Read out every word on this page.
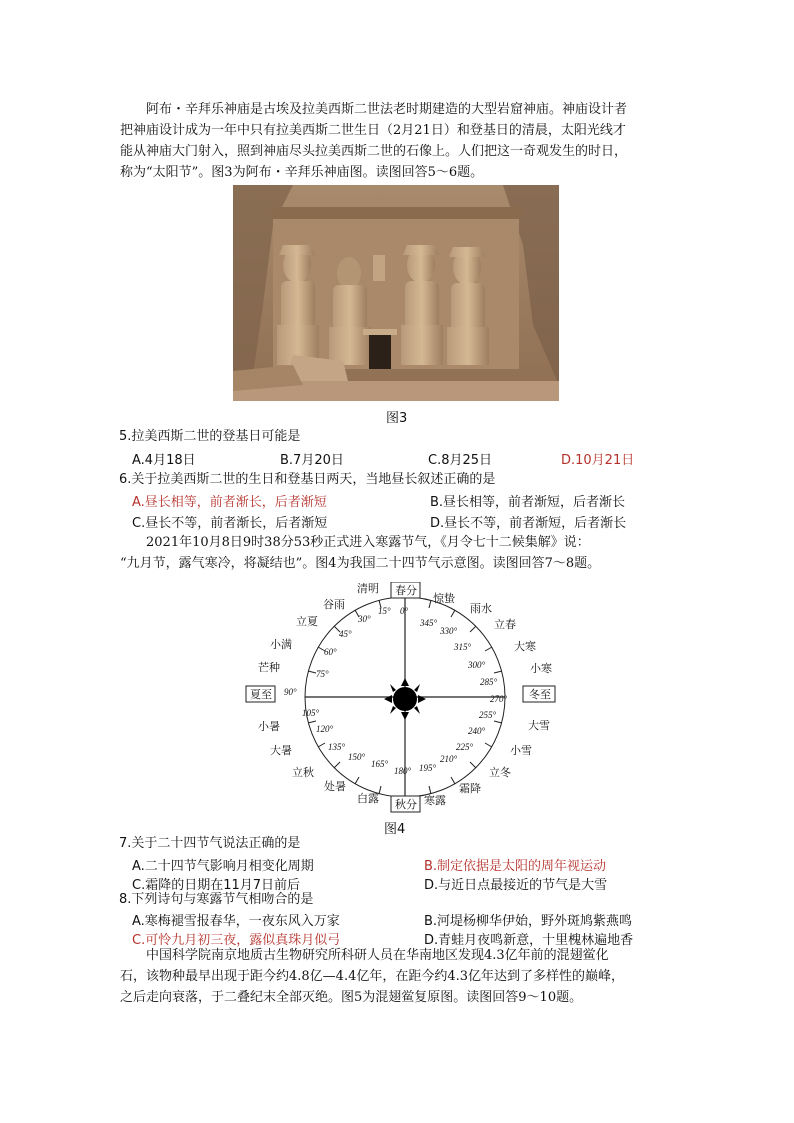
　　阿布・辛拜乐神庙是古埃及拉美西斯二世法老时期建造的大型岩窟神庙。神庙设计者
把神庙设计成为一年中只有拉美西斯二世生日（2月21日）和登基日的清晨，太阳光线才
能从神庙大门射入，照到神庙尽头拉美西斯二世的石像上。人们把这一奇观发生的时日，
称为“太阳节”。图3为阿布・辛拜乐神庙图。读图回答5～6题。
图3
5.拉美西斯二世的登基日可能是
A.4月18日	B.7月20日	C.8月25日	D.10月21日
6.关于拉美西斯二世的生日和登基日两天，当地昼长叙述正确的是
A.昼长相等，前者渐长，后者渐短	B.昼长相等，前者渐短，后者渐长
C.昼长不等，前者渐长，后者渐短	D.昼长不等，前者渐短，后者渐长
　　2021年10月8日9时38分53秒正式进入寒露节气，《月令七十二候集解》说：
“九月节，露气寒冷，将凝结也”。图4为我国二十四节气示意图。读图回答7～8题。
春分
秋分
夏至	冬至
清明
谷雨
立夏
小满
芒种
小暑
大暑
立秋
处暑
白露	寒露
霜降
立冬
小雪
大雪
小寒
大寒
立春
雨水
惊蛰
0°
15°
30°
45°
60°
75°
90°
105°
120°
135°
150°
165°
180° 195°
210°
225°
240°
255°
270°
285°
300°
315°
330°
345°
图4
7.关于二十四节气说法正确的是
A.二十四节气影响月相变化周期	B.制定依据是太阳的周年视运动
C.霜降的日期在11月7日前后	D.与近日点最接近的节气是大雪
8.下列诗句与寒露节气相吻合的是
A.寒梅褪雪报春华，一夜东风入万家	B.河堤杨柳华伊始，野外斑鸠紫燕鸣
C.可怜九月初三夜，露似真珠月似弓	D.青蛙月夜鸣新意，十里槐林遍地香
　　中国科学院南京地质古生物研究所科研人员在华南地区发现4.3亿年前的混翅鲎化
石，该物种最早出现于距今约4.8亿—4.4亿年，在距今约4.3亿年达到了多样性的巅峰，
之后走向衰落，于二叠纪末全部灭绝。图5为混翅鲎复原图。读图回答9～10题。
